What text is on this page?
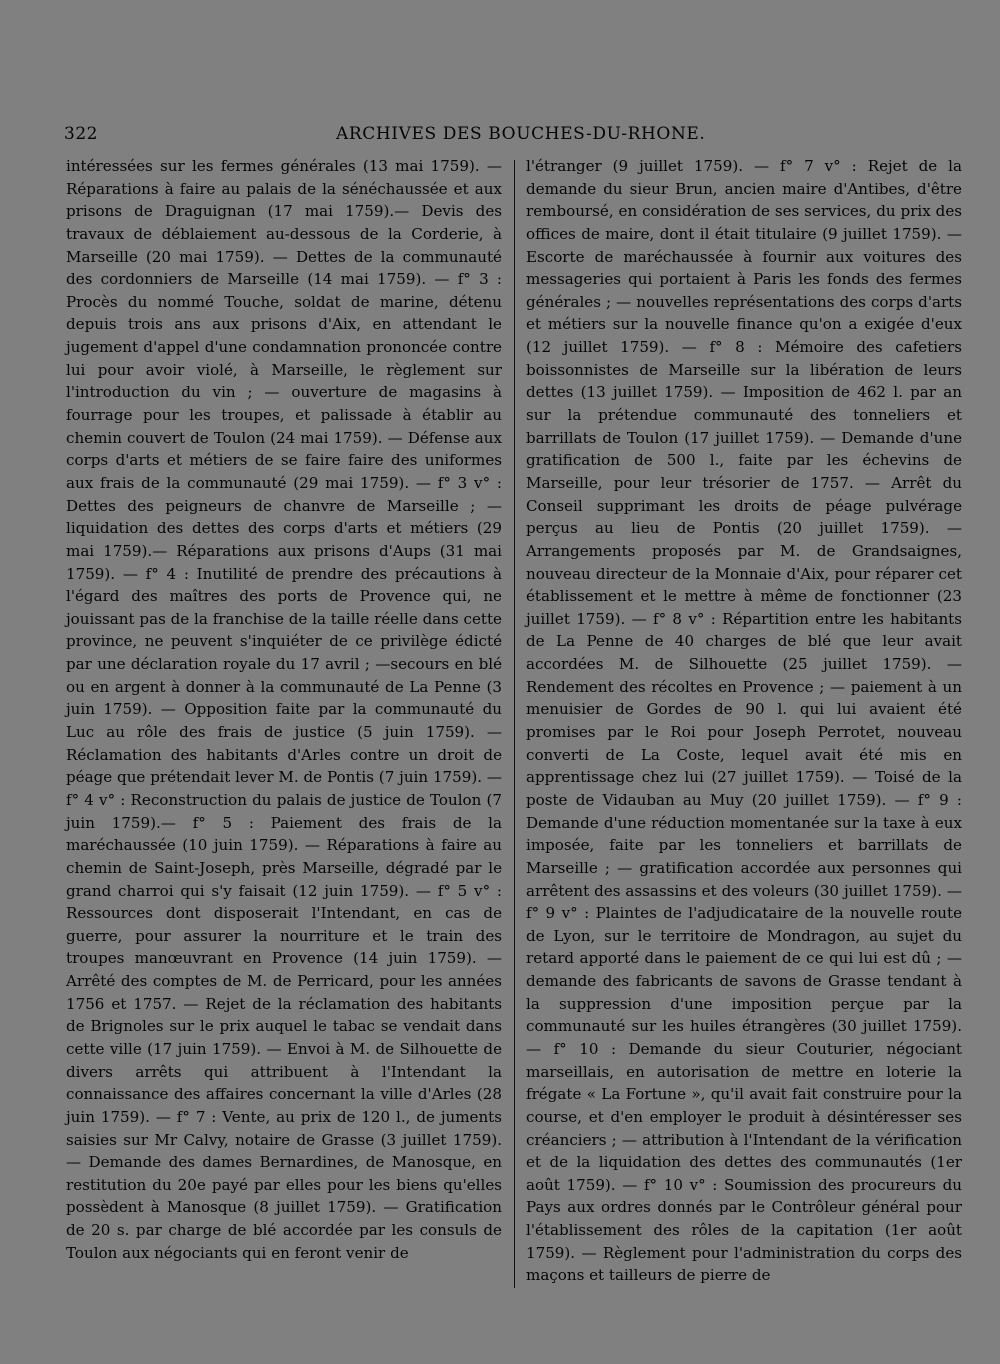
322	ARCHIVES DES BOUCHES-DU-RHONE.
intéressées sur les fermes générales (13 mai 1759). — Réparations à faire au palais de la sénéchaussée et aux prisons de Draguignan (17 mai 1759).— Devis des travaux de déblaiement au-dessous de la Corderie, à Marseille (20 mai 1759). — Dettes de la communauté des cordonniers de Marseille (14 mai 1759). — f° 3 : Procès du nommé Touche, soldat de marine, détenu depuis trois ans aux prisons d'Aix, en attendant le jugement d'appel d'une condamnation prononcée contre lui pour avoir violé, à Marseille, le règlement sur l'introduction du vin ; — ouverture de magasins à fourrage pour les troupes, et palissade à établir au chemin couvert de Toulon (24 mai 1759). — Défense aux corps d'arts et métiers de se faire faire des uniformes aux frais de la communauté (29 mai 1759). — f° 3 v° : Dettes des peigneurs de chanvre de Marseille ; — liquidation des dettes des corps d'arts et métiers (29 mai 1759).— Réparations aux prisons d'Aups (31 mai 1759). — f° 4 : Inutilité de prendre des précautions à l'égard des maîtres des ports de Provence qui, ne jouissant pas de la franchise de la taille réelle dans cette province, ne peuvent s'inquiéter de ce privilège édicté par une déclaration royale du 17 avril ; —secours en blé ou en argent à donner à la communauté de La Penne (3 juin 1759). — Opposition faite par la communauté du Luc au rôle des frais de justice (5 juin 1759). — Réclamation des habitants d'Arles contre un droit de péage que prétendait lever M. de Pontis (7 juin 1759). — f° 4 v° : Reconstruction du palais de justice de Toulon (7 juin 1759).— f° 5 : Paiement des frais de la maréchaussée (10 juin 1759). — Réparations à faire au chemin de Saint-Joseph, près Marseille, dégradé par le grand charroi qui s'y faisait (12 juin 1759). — f° 5 v° : Ressources dont disposerait l'Intendant, en cas de guerre, pour assurer la nourriture et le train des troupes manœuvrant en Provence (14 juin 1759). — Arrêté des comptes de M. de Perricard, pour les années 1756 et 1757. — Rejet de la réclamation des habitants de Brignoles sur le prix auquel le tabac se vendait dans cette ville (17 juin 1759). — Envoi à M. de Silhouette de divers arrêts qui attribuent à l'Intendant la connaissance des affaires concernant la ville d'Arles (28 juin 1759). — f° 7 : Vente, au prix de 120 l., de juments saisies sur Mr Calvy, notaire de Grasse (3 juillet 1759). — Demande des dames Bernardines, de Manosque, en restitution du 20e payé par elles pour les biens qu'elles possèdent à Manosque (8 juillet 1759). — Gratification de 20 s. par charge de blé accordée par les consuls de Toulon aux négociants qui en feront venir de
l'étranger (9 juillet 1759). — f° 7 v° : Rejet de la demande du sieur Brun, ancien maire d'Antibes, d'être remboursé, en considération de ses services, du prix des offices de maire, dont il était titulaire (9 juillet 1759). — Escorte de maréchaussée à fournir aux voitures des messageries qui portaient à Paris les fonds des fermes générales ; — nouvelles représentations des corps d'arts et métiers sur la nouvelle finance qu'on a exigée d'eux (12 juillet 1759). — f° 8 : Mémoire des cafetiers boissonnistes de Marseille sur la libération de leurs dettes (13 juillet 1759). — Imposition de 462 l. par an sur la prétendue communauté des tonneliers et barrillats de Toulon (17 juillet 1759). — Demande d'une gratification de 500 l., faite par les échevins de Marseille, pour leur trésorier de 1757. — Arrêt du Conseil supprimant les droits de péage pulvérage perçus au lieu de Pontis (20 juillet 1759). — Arrangements proposés par M. de Grandsaignes, nouveau directeur de la Monnaie d'Aix, pour réparer cet établissement et le mettre à même de fonctionner (23 juillet 1759). — f° 8 v° : Répartition entre les habitants de La Penne de 40 charges de blé que leur avait accordées M. de Silhouette (25 juillet 1759). — Rendement des récoltes en Provence ; — paiement à un menuisier de Gordes de 90 l. qui lui avaient été promises par le Roi pour Joseph Perrotet, nouveau converti de La Coste, lequel avait été mis en apprentissage chez lui (27 juillet 1759). — Toisé de la poste de Vidauban au Muy (20 juillet 1759). — f° 9 : Demande d'une réduction momentanée sur la taxe à eux imposée, faite par les tonneliers et barrillats de Marseille ; — gratification accordée aux personnes qui arrêtent des assassins et des voleurs (30 juillet 1759). — f° 9 v° : Plaintes de l'adjudicataire de la nouvelle route de Lyon, sur le territoire de Mondragon, au sujet du retard apporté dans le paiement de ce qui lui est dû ; — demande des fabricants de savons de Grasse tendant à la suppression d'une imposition perçue par la communauté sur les huiles étrangères (30 juillet 1759). — f° 10 : Demande du sieur Couturier, négociant marseillais, en autorisation de mettre en loterie la frégate « La Fortune », qu'il avait fait construire pour la course, et d'en employer le produit à désintéresser ses créanciers ; — attribution à l'Intendant de la vérification et de la liquidation des dettes des communautés (1er août 1759). — f° 10 v° : Soumission des procureurs du Pays aux ordres donnés par le Contrôleur général pour l'établissement des rôles de la capitation (1er août 1759). — Règlement pour l'administration du corps des maçons et tailleurs de pierre de
